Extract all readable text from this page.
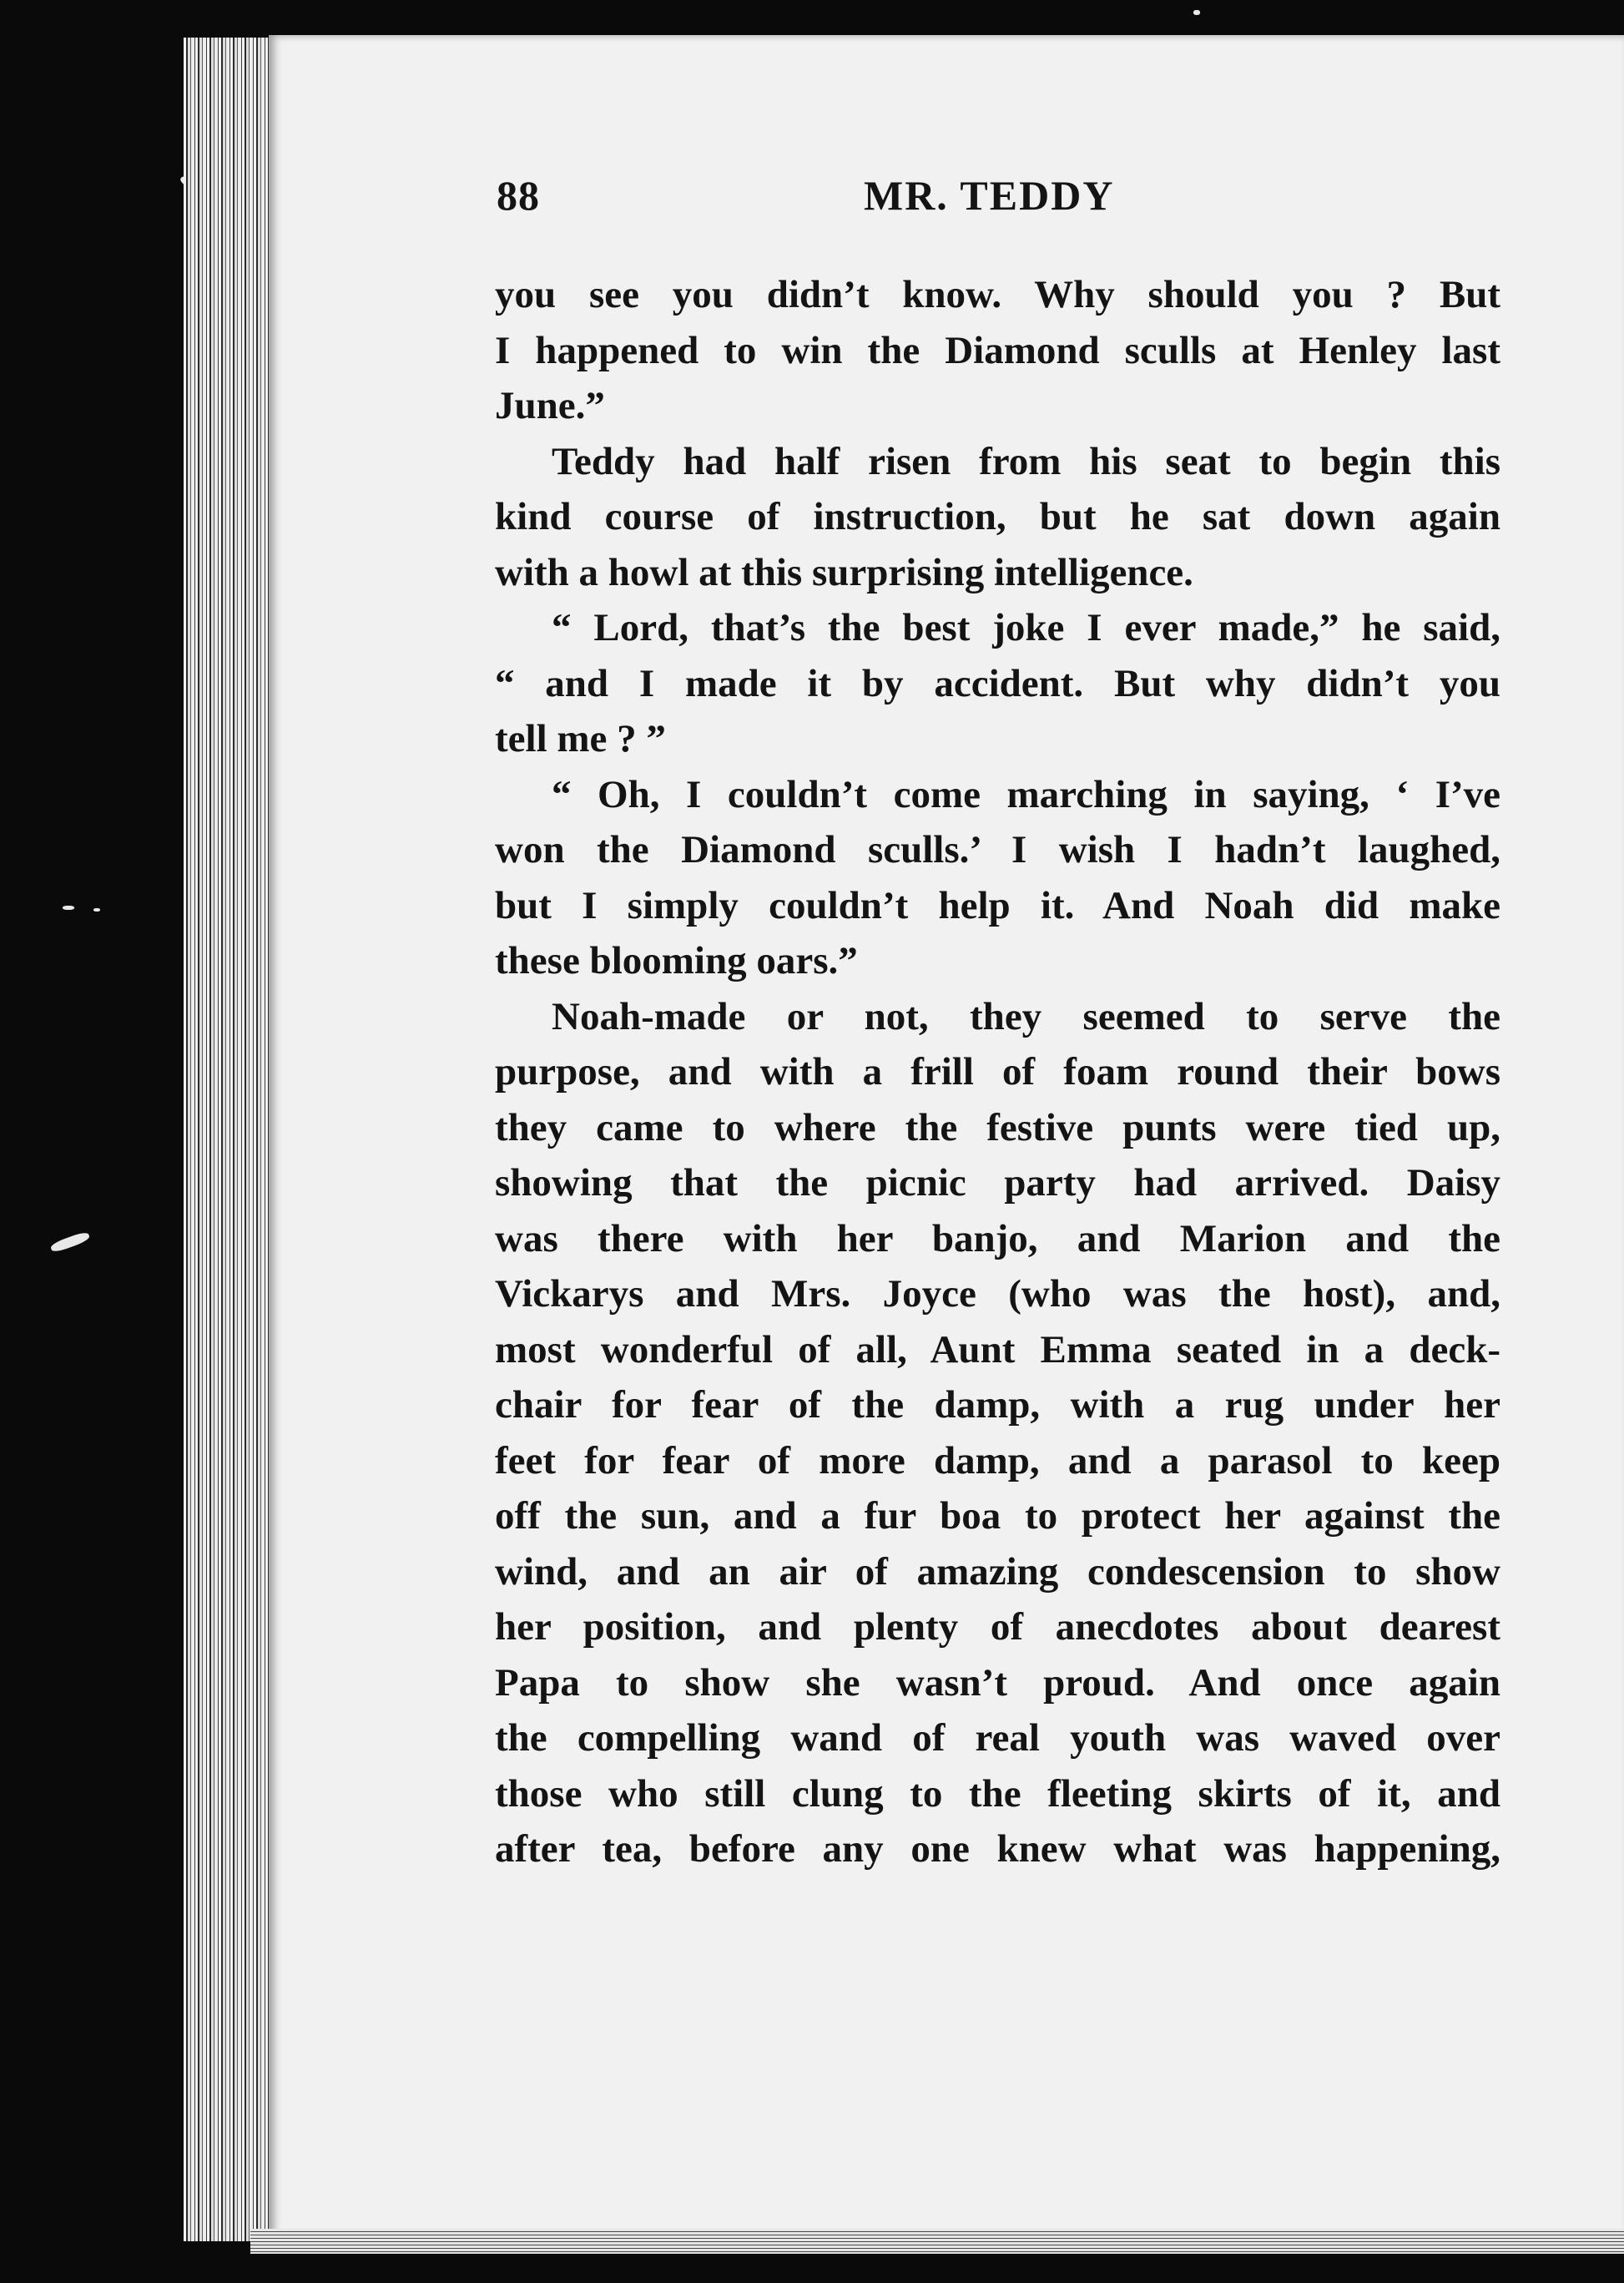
88	MR. TEDDY
you see you didn’t know. Why should you ? But
I happened to win the Diamond sculls at Henley last
June.”
Teddy had half risen from his seat to begin this
kind course of instruction, but he sat down again
with a howl at this surprising intelligence.
“ Lord, that’s the best joke I ever made,” he said,
“ and I made it by accident. But why didn’t you
tell me ? ”
“ Oh, I couldn’t come marching in saying, ‘ I’ve
won the Diamond sculls.’ I wish I hadn’t laughed,
but I simply couldn’t help it. And Noah did make
these blooming oars.”
Noah-made or not, they seemed to serve the
purpose, and with a frill of foam round their bows
they came to where the festive punts were tied up,
showing that the picnic party had arrived. Daisy
was there with her banjo, and Marion and the
Vickarys and Mrs. Joyce (who was the host), and,
most wonderful of all, Aunt Emma seated in a deck-
chair for fear of the damp, with a rug under her
feet for fear of more damp, and a parasol to keep
off the sun, and a fur boa to protect her against the
wind, and an air of amazing condescension to show
her position, and plenty of anecdotes about dearest
Papa to show she wasn’t proud. And once again
the compelling wand of real youth was waved over
those who still clung to the fleeting skirts of it, and
after tea, before any one knew what was happening,
